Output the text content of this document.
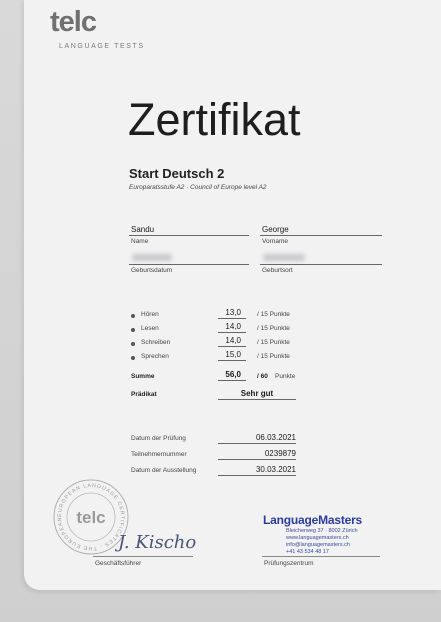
telc
LANGUAGE TESTS
Zertifikat
Start Deutsch 2
Europaratsstufe A2 · Council of Europe level A2
Sandu
Name
George
Vorname
Geburtsdatum	Geburtsort
Hören	13,0 / 15 Punkte
Lesen	14,0 / 15 Punkte
Schreiben	14,0 / 15 Punkte
Sprechen	15,0 / 15 Punkte
Summe	56,0 / 60 Punkte
Prädikat	Sehr gut
Datum der Prüfung	06.03.2021
Teilnehmernummer	0239879
Datum der Ausstellung	30.03.2021
EUROPEAN LANGUAGE CERTIFICATES · THE EUROPEAN telc
J. Kischo
Geschäftsführer
LanguageMasters
Bleicherweg 37 · 8002 Zürich
www.languagemasters.ch
info@languagemasters.ch
+41 43 534 48 17
Prüfungszentrum
